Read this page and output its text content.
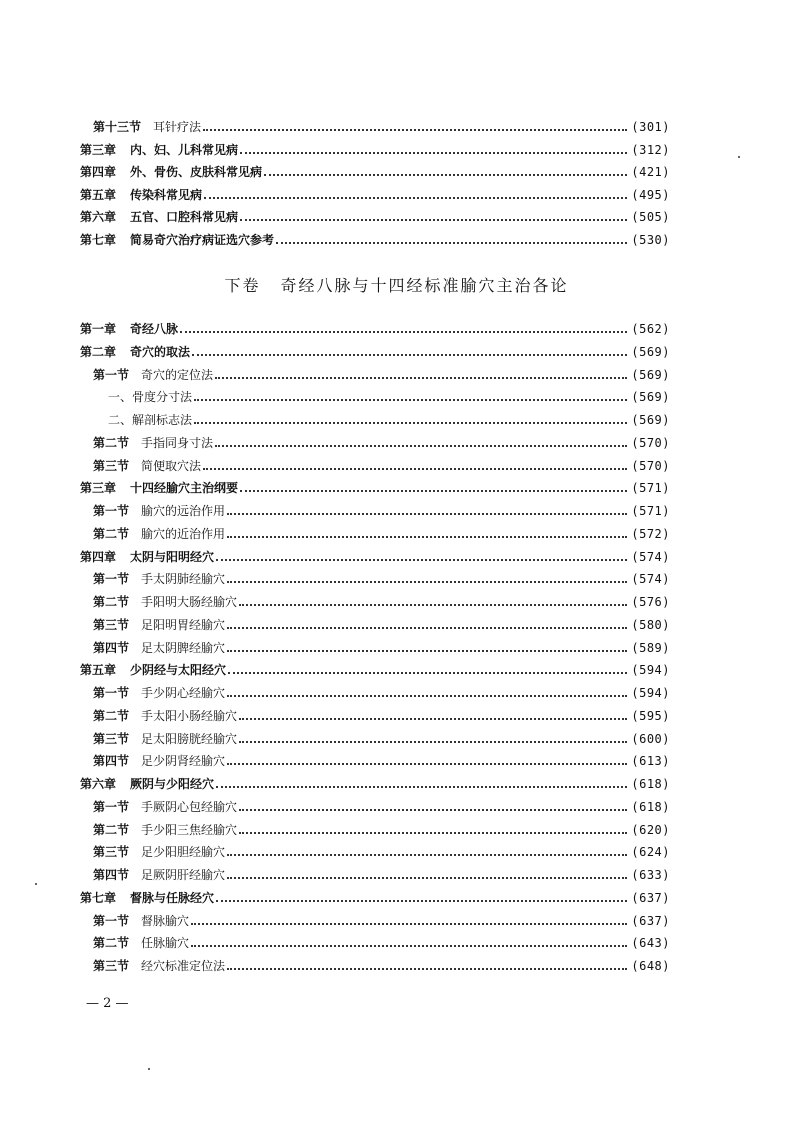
第十三节 耳针疗法	(301)
第三章 内、妇、儿科常见病	(312)
第四章 外、骨伤、皮肤科常见病	(421)
第五章 传染科常见病	(495)
第六章 五官、口腔科常见病	(505)
第七章 简易奇穴治疗病证选穴参考	(530)
下卷 奇经八脉与十四经标准腧穴主治各论
第一章 奇经八脉	(562)
第二章 奇穴的取法	(569)
第一节 奇穴的定位法	(569)
一、骨度分寸法	(569)
二、解剖标志法	(569)
第二节 手指同身寸法	(570)
第三节 简便取穴法	(570)
第三章 十四经腧穴主治纲要	(571)
第一节 腧穴的远治作用	(571)
第二节 腧穴的近治作用	(572)
第四章 太阴与阳明经穴	(574)
第一节 手太阴肺经腧穴	(574)
第二节 手阳明大肠经腧穴	(576)
第三节 足阳明胃经腧穴	(580)
第四节 足太阴脾经腧穴	(589)
第五章 少阴经与太阳经穴	(594)
第一节 手少阴心经腧穴	(594)
第二节 手太阳小肠经腧穴	(595)
第三节 足太阳膀胱经腧穴	(600)
第四节 足少阴肾经腧穴	(613)
第六章 厥阴与少阳经穴	(618)
第一节 手厥阴心包经腧穴	(618)
第二节 手少阳三焦经腧穴	(620)
第三节 足少阳胆经腧穴	(624)
第四节 足厥阴肝经腧穴	(633)
第七章 督脉与任脉经穴	(637)
第一节 督脉腧穴	(637)
第二节 任脉腧穴	(643)
第三节 经穴标准定位法	(648)
— 2 —
